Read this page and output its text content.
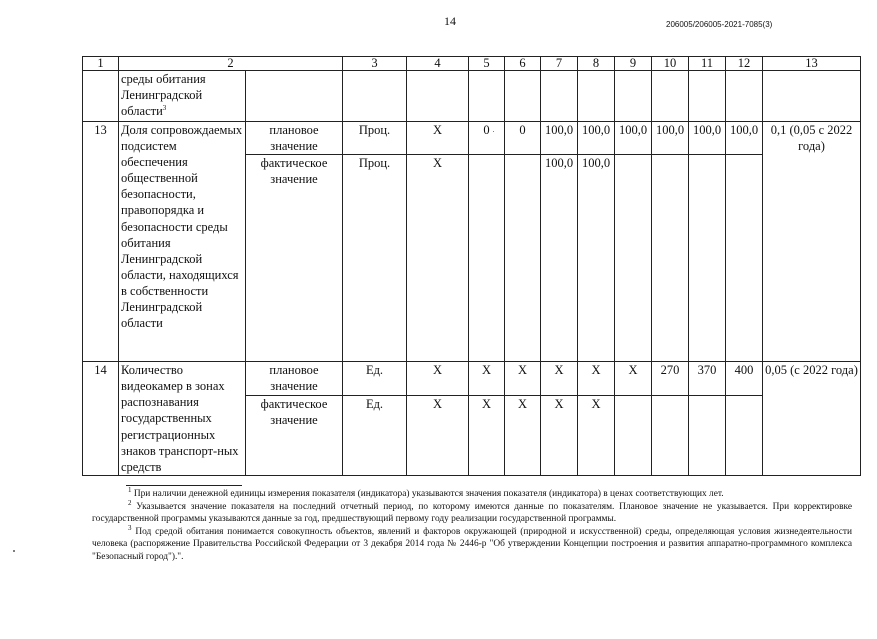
14	206005/206005-2021-7085(3)
1	2		3	4	5	6	7	8	9	10	11	12	13
	среды обитания Ленинградской области$^3$												
13	Доля сопровождаемых подсистем обеспечения общественной безопасности, правопорядка и безопасности среды обитания Ленинградской области, находящихся в собственности Ленинградской области	плановое значение	Проц.	Х	0	0	100,0	100,0	100,0	100,0	100,0	100,0	0,1 (0,05 с 2022 года)
		фактическое значение	Проц.	Х			100,0	100,0					
14	Количество видеокамер в зонах распознавания государственных регистрационных знаков транспорт-ных средств	плановое значение	Ед.	Х	Х	Х	Х	Х	Х	270	370	400	0,05 (с 2022 года)
		фактическое значение	Ед.	Х	Х	Х	Х	Х					

$^1$ При наличии денежной единицы измерения показателя (индикатора) указываются значения показателя (индикатора) в ценах соответствующих лет.

$^2$ Указывается значение показателя на последний отчетный период, по которому имеются данные по показателям. Плановое значение не указывается. При корректировке государственной программы указываются данные за год, предшествующий первому году реализации государственной программы.

$^3$ Под средой обитания понимается совокупность объектов, явлений и факторов окружающей (природной и искусственной) среды, определяющая условия жизнедеятельности человека (распоряжение Правительства Российской Федерации от 3 декабря 2014 года № 2446-р "Об утверждении Концепции построения и развития аппаратно-программного комплекса "Безопасный город").".
